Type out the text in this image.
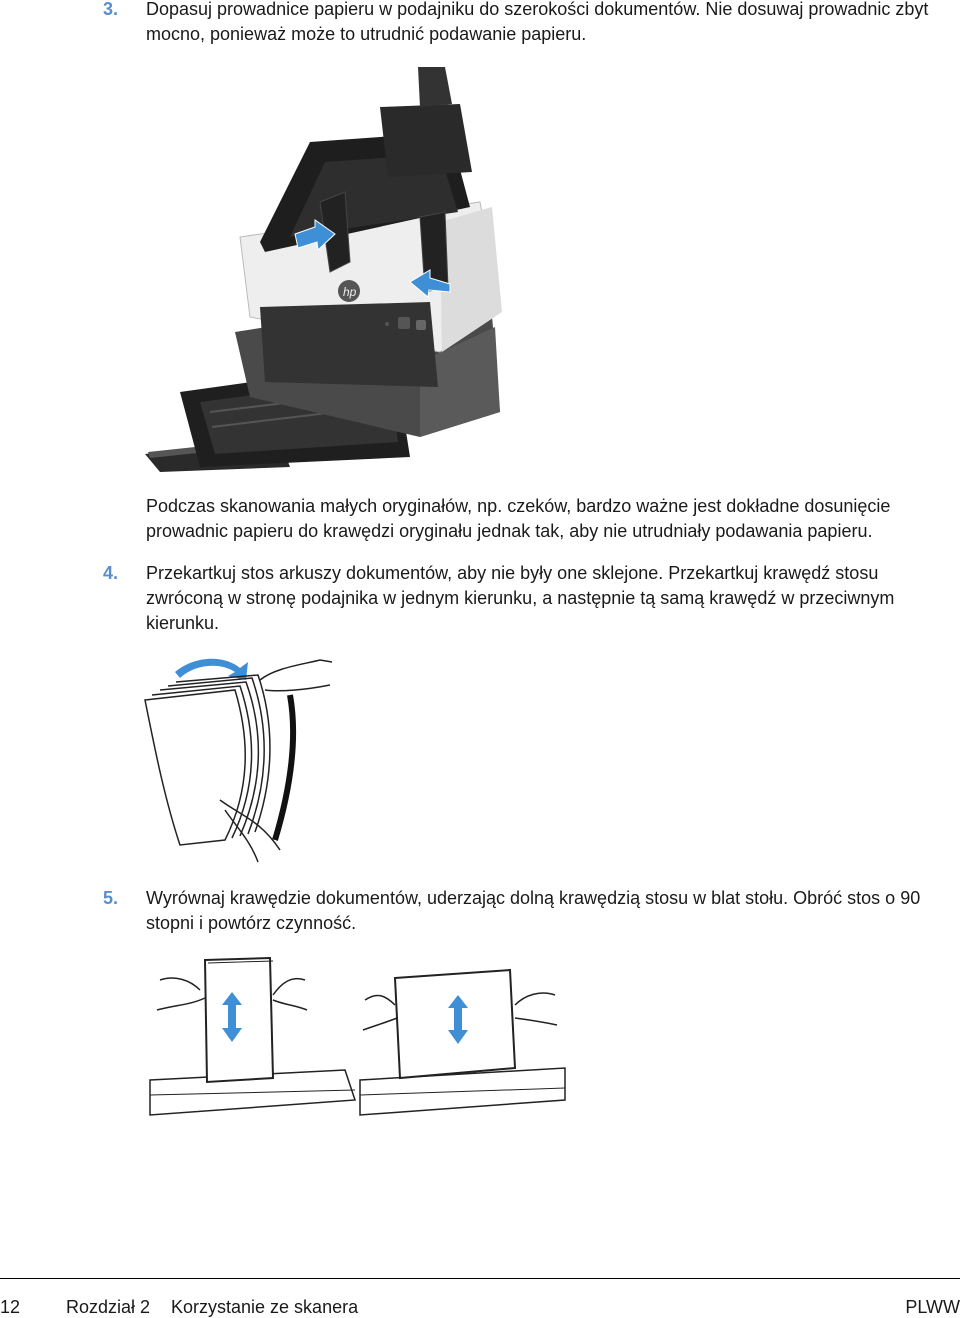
3. Dopasuj prowadnice papieru w podajniku do szerokości dokumentów. Nie dosuwaj prowadnic zbyt mocno, ponieważ może to utrudnić podawanie papieru.
hp
Podczas skanowania małych oryginałów, np. czeków, bardzo ważne jest dokładne dosunięcie prowadnic papieru do krawędzi oryginału jednak tak, aby nie utrudniały podawania papieru.
4. Przekartkuj stos arkuszy dokumentów, aby nie były one sklejone. Przekartkuj krawędź stosu zwróconą w stronę podajnika w jednym kierunku, a następnie tą samą krawędź w przeciwnym kierunku.
5. Wyrównaj krawędzie dokumentów, uderzając dolną krawędzią stosu w blat stołu. Obróć stos o 90 stopni i powtórz czynność.
12	Rozdział 2 Korzystanie ze skanera	PLWW
